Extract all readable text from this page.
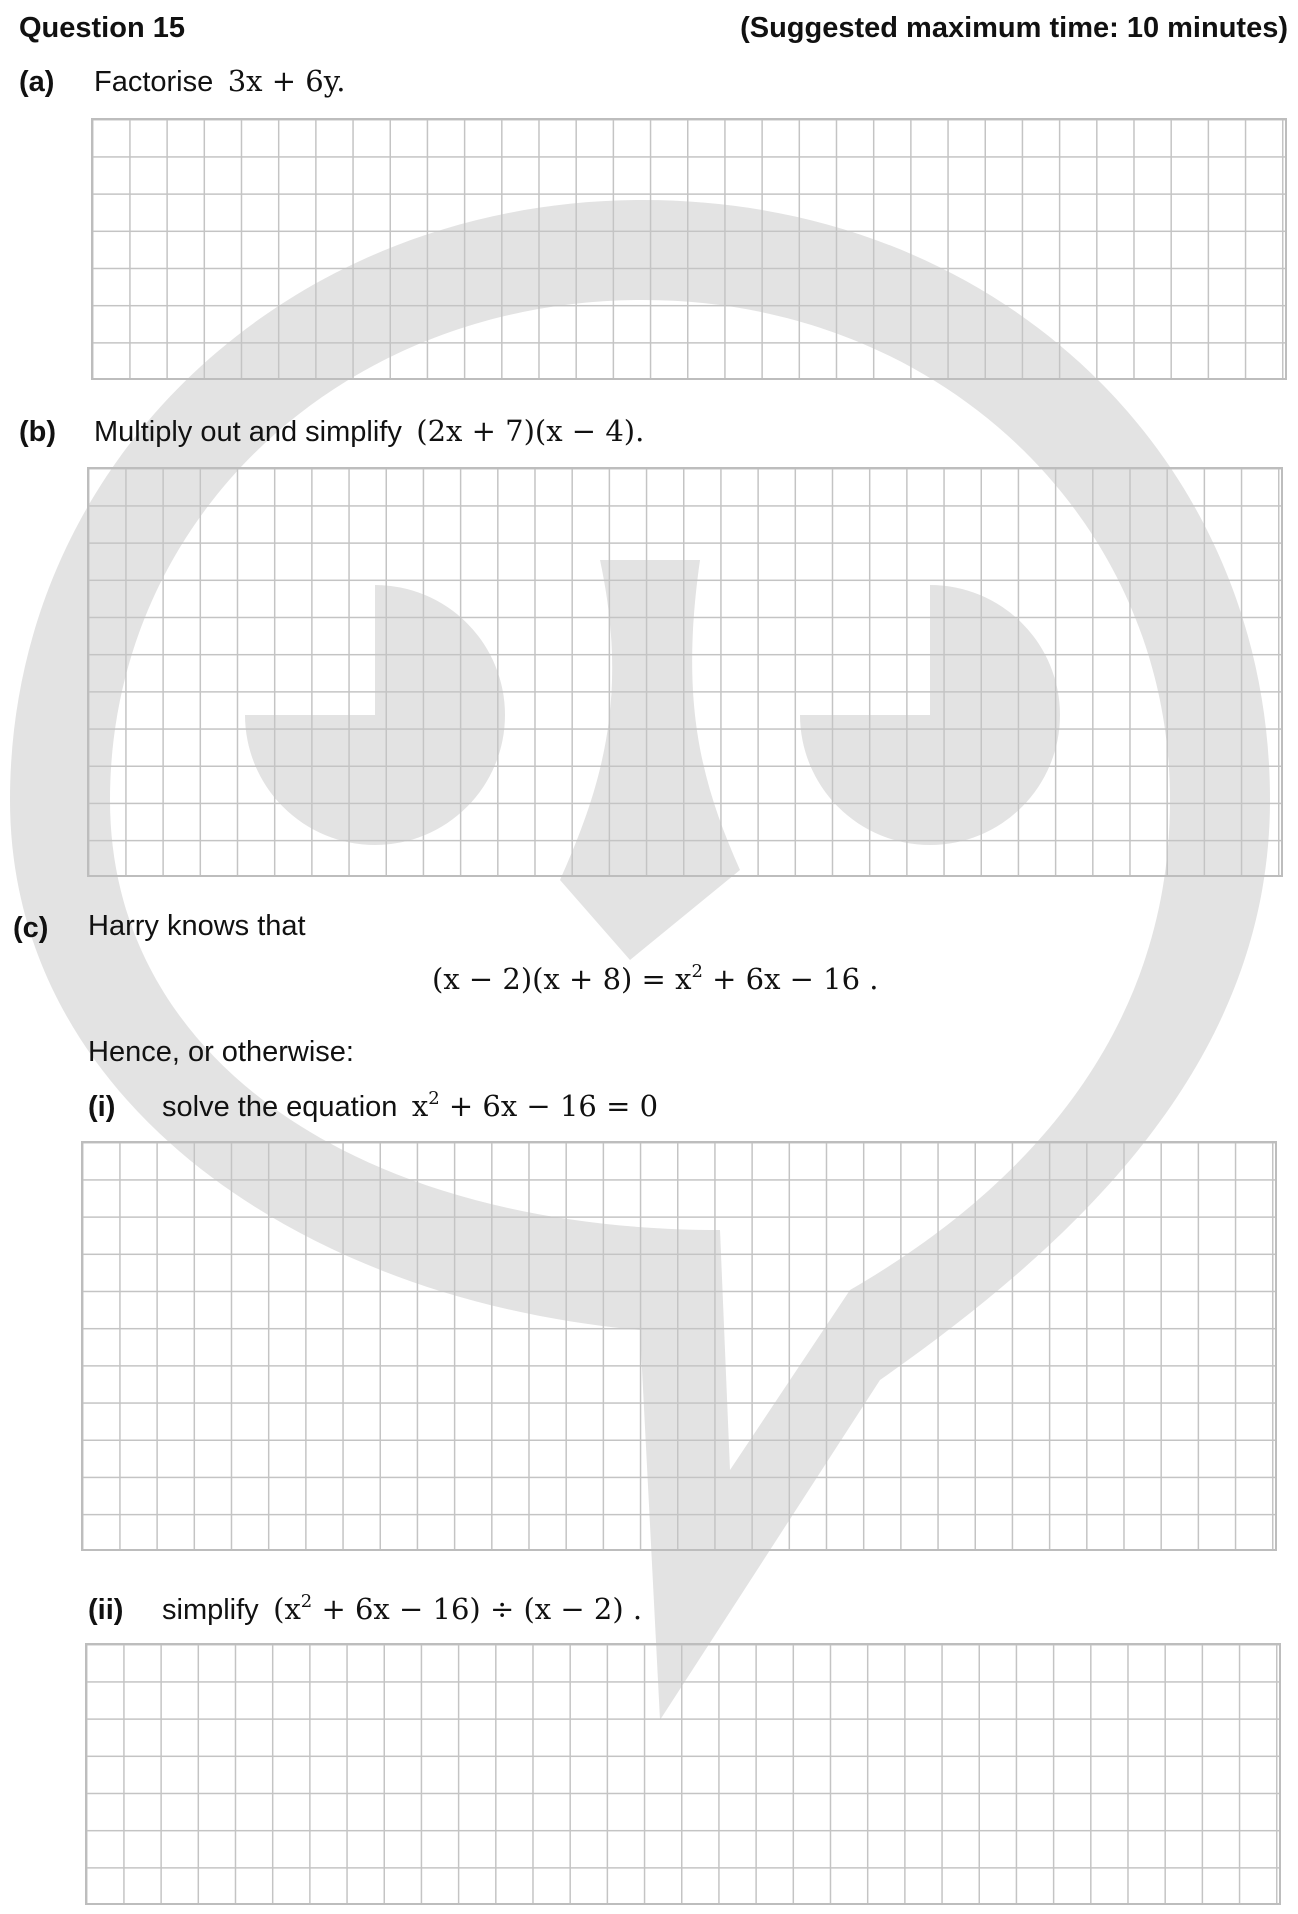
Question 15	(Suggested maximum time: 10 minutes)
(a) Factorise 3x + 6y.
(b) Multiply out and simplify (2x + 7)(x − 4).
(c) Harry knows that
$(x - 2)(x + 8) = x^2 + 6x - 16$ .
Hence, or otherwise:
(i) solve the equation $x^2 + 6x - 16 = 0$
(ii) simplify $(x^2 + 6x - 16) \div (x - 2)$ .
